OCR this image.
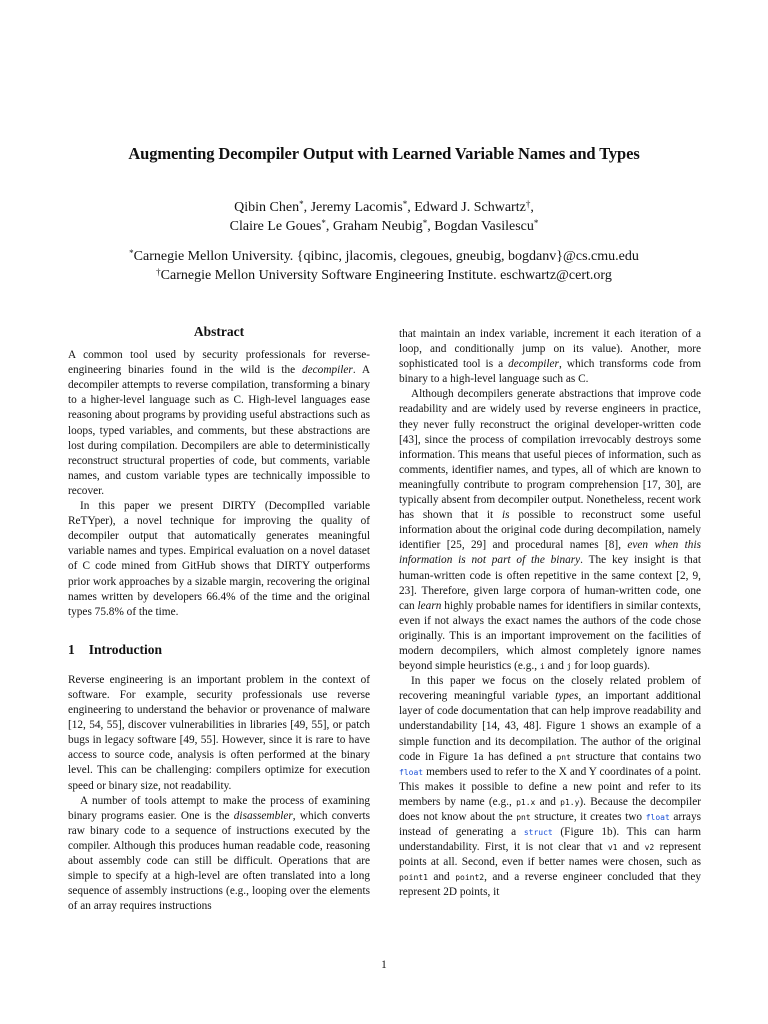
Augmenting Decompiler Output with Learned Variable Names and Types
Qibin Chen*, Jeremy Lacomis*, Edward J. Schwartz†,
Claire Le Goues*, Graham Neubig*, Bogdan Vasilescu*
*Carnegie Mellon University. {qibinc, jlacomis, clegoues, gneubig, bogdanv}@cs.cmu.edu
†Carnegie Mellon University Software Engineering Institute. eschwartz@cert.org
Abstract

A common tool used by security professionals for reverse-engineering binaries found in the wild is the decompiler. A decompiler attempts to reverse compilation, transforming a binary to a higher-level language such as C. High-level languages ease reasoning about programs by providing useful abstractions such as loops, typed variables, and comments, but these abstractions are lost during compilation. Decompilers are able to deterministically reconstruct structural properties of code, but comments, variable names, and custom variable types are technically impossible to recover.

In this paper we present DIRTY (DecompIled variable ReTYper), a novel technique for improving the quality of decompiler output that automatically generates meaningful variable names and types. Empirical evaluation on a novel dataset of C code mined from GitHub shows that DIRTY outperforms prior work approaches by a sizable margin, recovering the original names written by developers 66.4% of the time and the original types 75.8% of the time.

1 Introduction

Reverse engineering is an important problem in the context of software. For example, security professionals use reverse engineering to understand the behavior or provenance of malware [12, 54, 55], discover vulnerabilities in libraries [49, 55], or patch bugs in legacy software [49, 55]. However, since it is rare to have access to source code, analysis is often performed at the binary level. This can be challenging: compilers optimize for execution speed or binary size, not readability.

A number of tools attempt to make the process of examining binary programs easier. One is the disassembler, which converts raw binary code to a sequence of instructions executed by the compiler. Although this produces human readable code, reasoning about assembly code can still be difficult. Operations that are simple to specify at a high-level are often translated into a long sequence of assembly instructions (e.g., looping over the elements of an array requires instructions

that maintain an index variable, increment it each iteration of a loop, and conditionally jump on its value). Another, more sophisticated tool is a decompiler, which transforms code from binary to a high-level language such as C.

Although decompilers generate abstractions that improve code readability and are widely used by reverse engineers in practice, they never fully reconstruct the original developer-written code [43], since the process of compilation irrevocably destroys some information. This means that useful pieces of information, such as comments, identifier names, and types, all of which are known to meaningfully contribute to program comprehension [17, 30], are typically absent from decompiler output. Nonetheless, recent work has shown that it is possible to reconstruct some useful information about the original code during decompilation, namely identifier [25, 29] and procedural names [8], even when this information is not part of the binary. The key insight is that human-written code is often repetitive in the same context [2, 9, 23]. Therefore, given large corpora of human-written code, one can learn highly probable names for identifiers in similar contexts, even if not always the exact names the authors of the code chose originally. This is an important improvement on the facilities of modern decompilers, which almost completely ignore names beyond simple heuristics (e.g., i and j for loop guards).

In this paper we focus on the closely related problem of recovering meaningful variable types, an important additional layer of code documentation that can help improve readability and understandability [14, 43, 48]. Figure 1 shows an example of a simple function and its decompilation. The author of the original code in Figure 1a has defined a pnt structure that contains two float members used to refer to the X and Y coordinates of a point. This makes it possible to define a new point and refer to its members by name (e.g., p1.x and p1.y). Because the decompiler does not know about the pnt structure, it creates two float arrays instead of generating a struct (Figure 1b). This can harm understandability. First, it is not clear that v1 and v2 represent points at all. Second, even if better names were chosen, such as point1 and point2, and a reverse engineer concluded that they represent 2D points, it

1
